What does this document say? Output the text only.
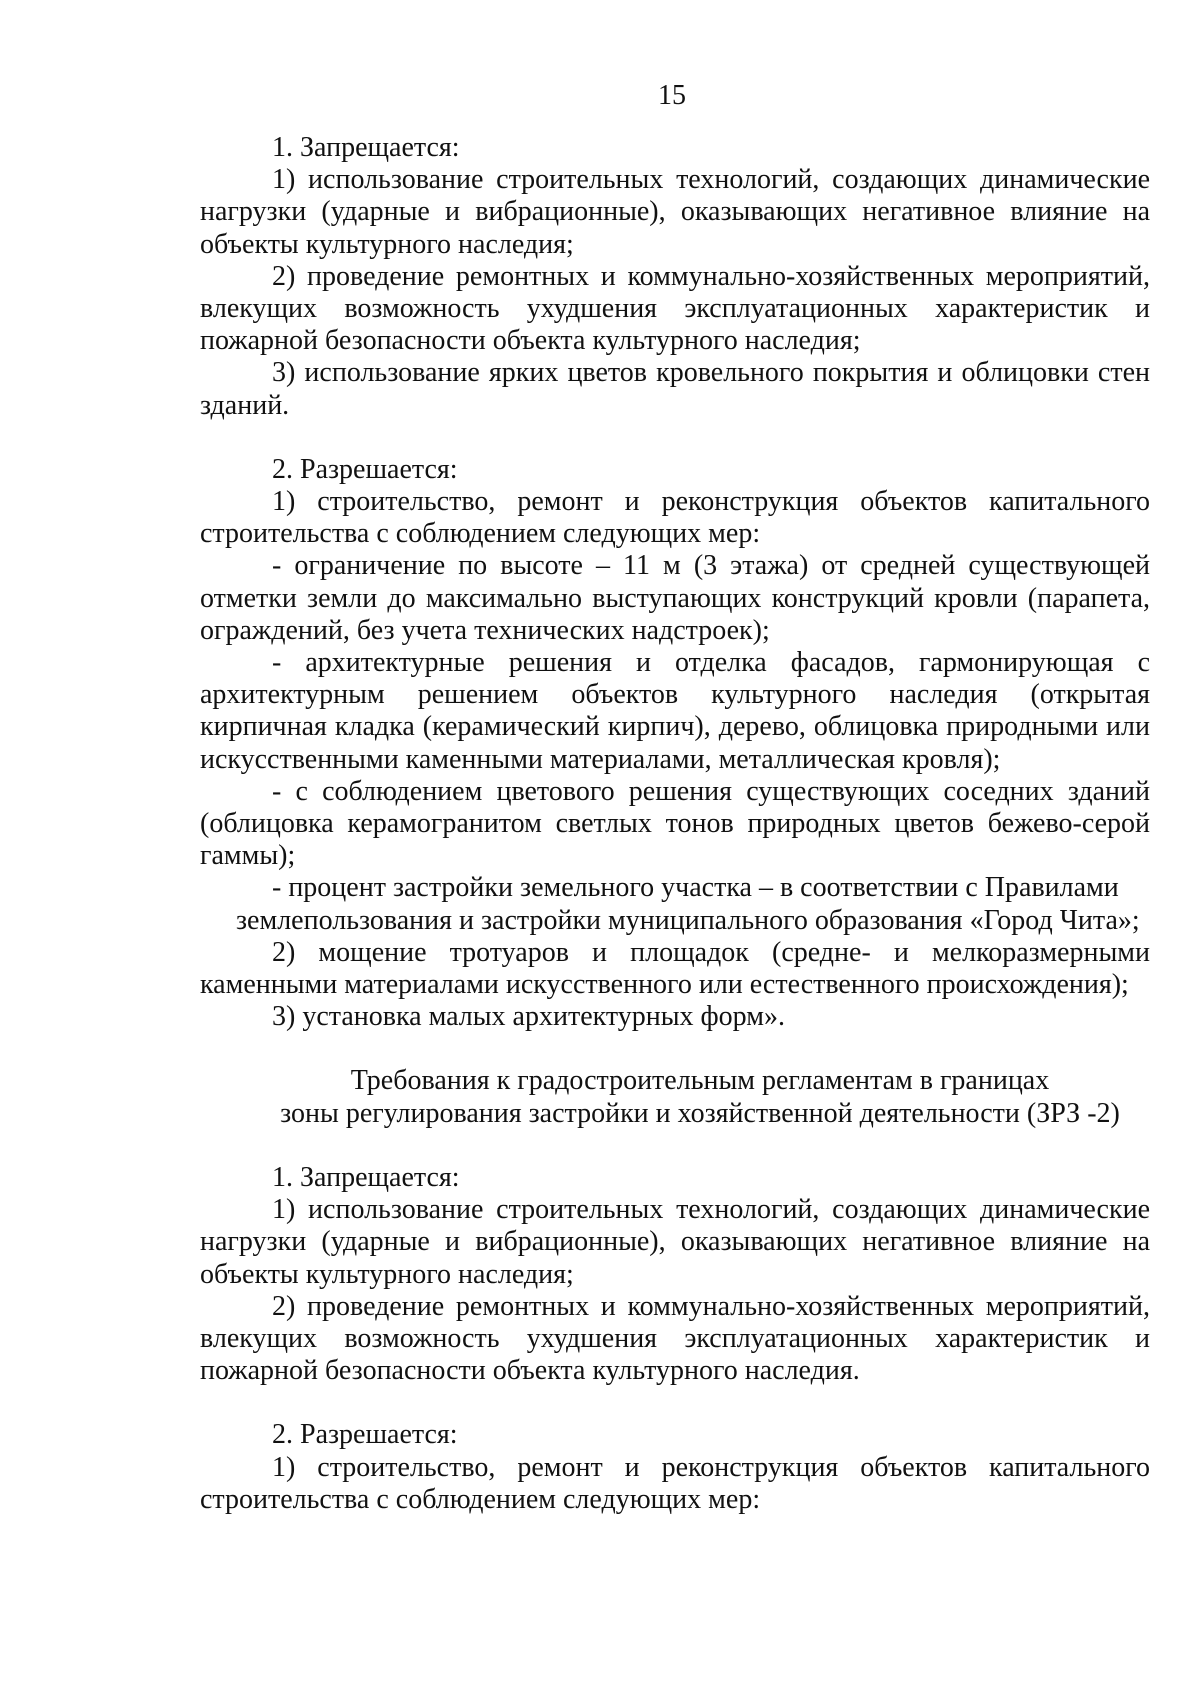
15

1. Запрещается:

1) использование строительных технологий, создающих динамические нагрузки (ударные и вибрационные), оказывающих негативное влияние на объекты культурного наследия;

2) проведение ремонтных и коммунально-хозяйственных мероприятий, влекущих возможность ухудшения эксплуатационных характеристик и пожарной безопасности объекта культурного наследия;

3) использование ярких цветов кровельного покрытия и облицовки стен зданий.

2. Разрешается:

1) строительство, ремонт и реконструкция объектов капитального строительства с соблюдением следующих мер:

- ограничение по высоте – 11 м (3 этажа) от средней существующей отметки земли до максимально выступающих конструкций кровли (парапета, ограждений, без учета технических надстроек);

- архитектурные решения и отделка фасадов, гармонирующая с архитектурным решением объектов культурного наследия (открытая кирпичная кладка (керамический кирпич), дерево, облицовка природными или искусственными каменными материалами, металлическая кровля);

- с соблюдением цветового решения существующих соседних зданий (облицовка керамогранитом светлых тонов природных цветов бежево-серой гаммы);

- процент застройки земельного участка – в соответствии с Правилами

землепользования и застройки муниципального образования «Город Чита»;

2) мощение тротуаров и площадок (средне- и мелкоразмерными каменными материалами искусственного или естественного происхождения);

3) установка малых архитектурных форм».

Требования к градостроительным регламентам в границах
зоны регулирования застройки и хозяйственной деятельности (ЗРЗ -2)

1. Запрещается:

1) использование строительных технологий, создающих динамические нагрузки (ударные и вибрационные), оказывающих негативное влияние на объекты культурного наследия;

2) проведение ремонтных и коммунально-хозяйственных мероприятий, влекущих возможность ухудшения эксплуатационных характеристик и пожарной безопасности объекта культурного наследия.

2. Разрешается:

1) строительство, ремонт и реконструкция объектов капитального строительства с соблюдением следующих мер:
